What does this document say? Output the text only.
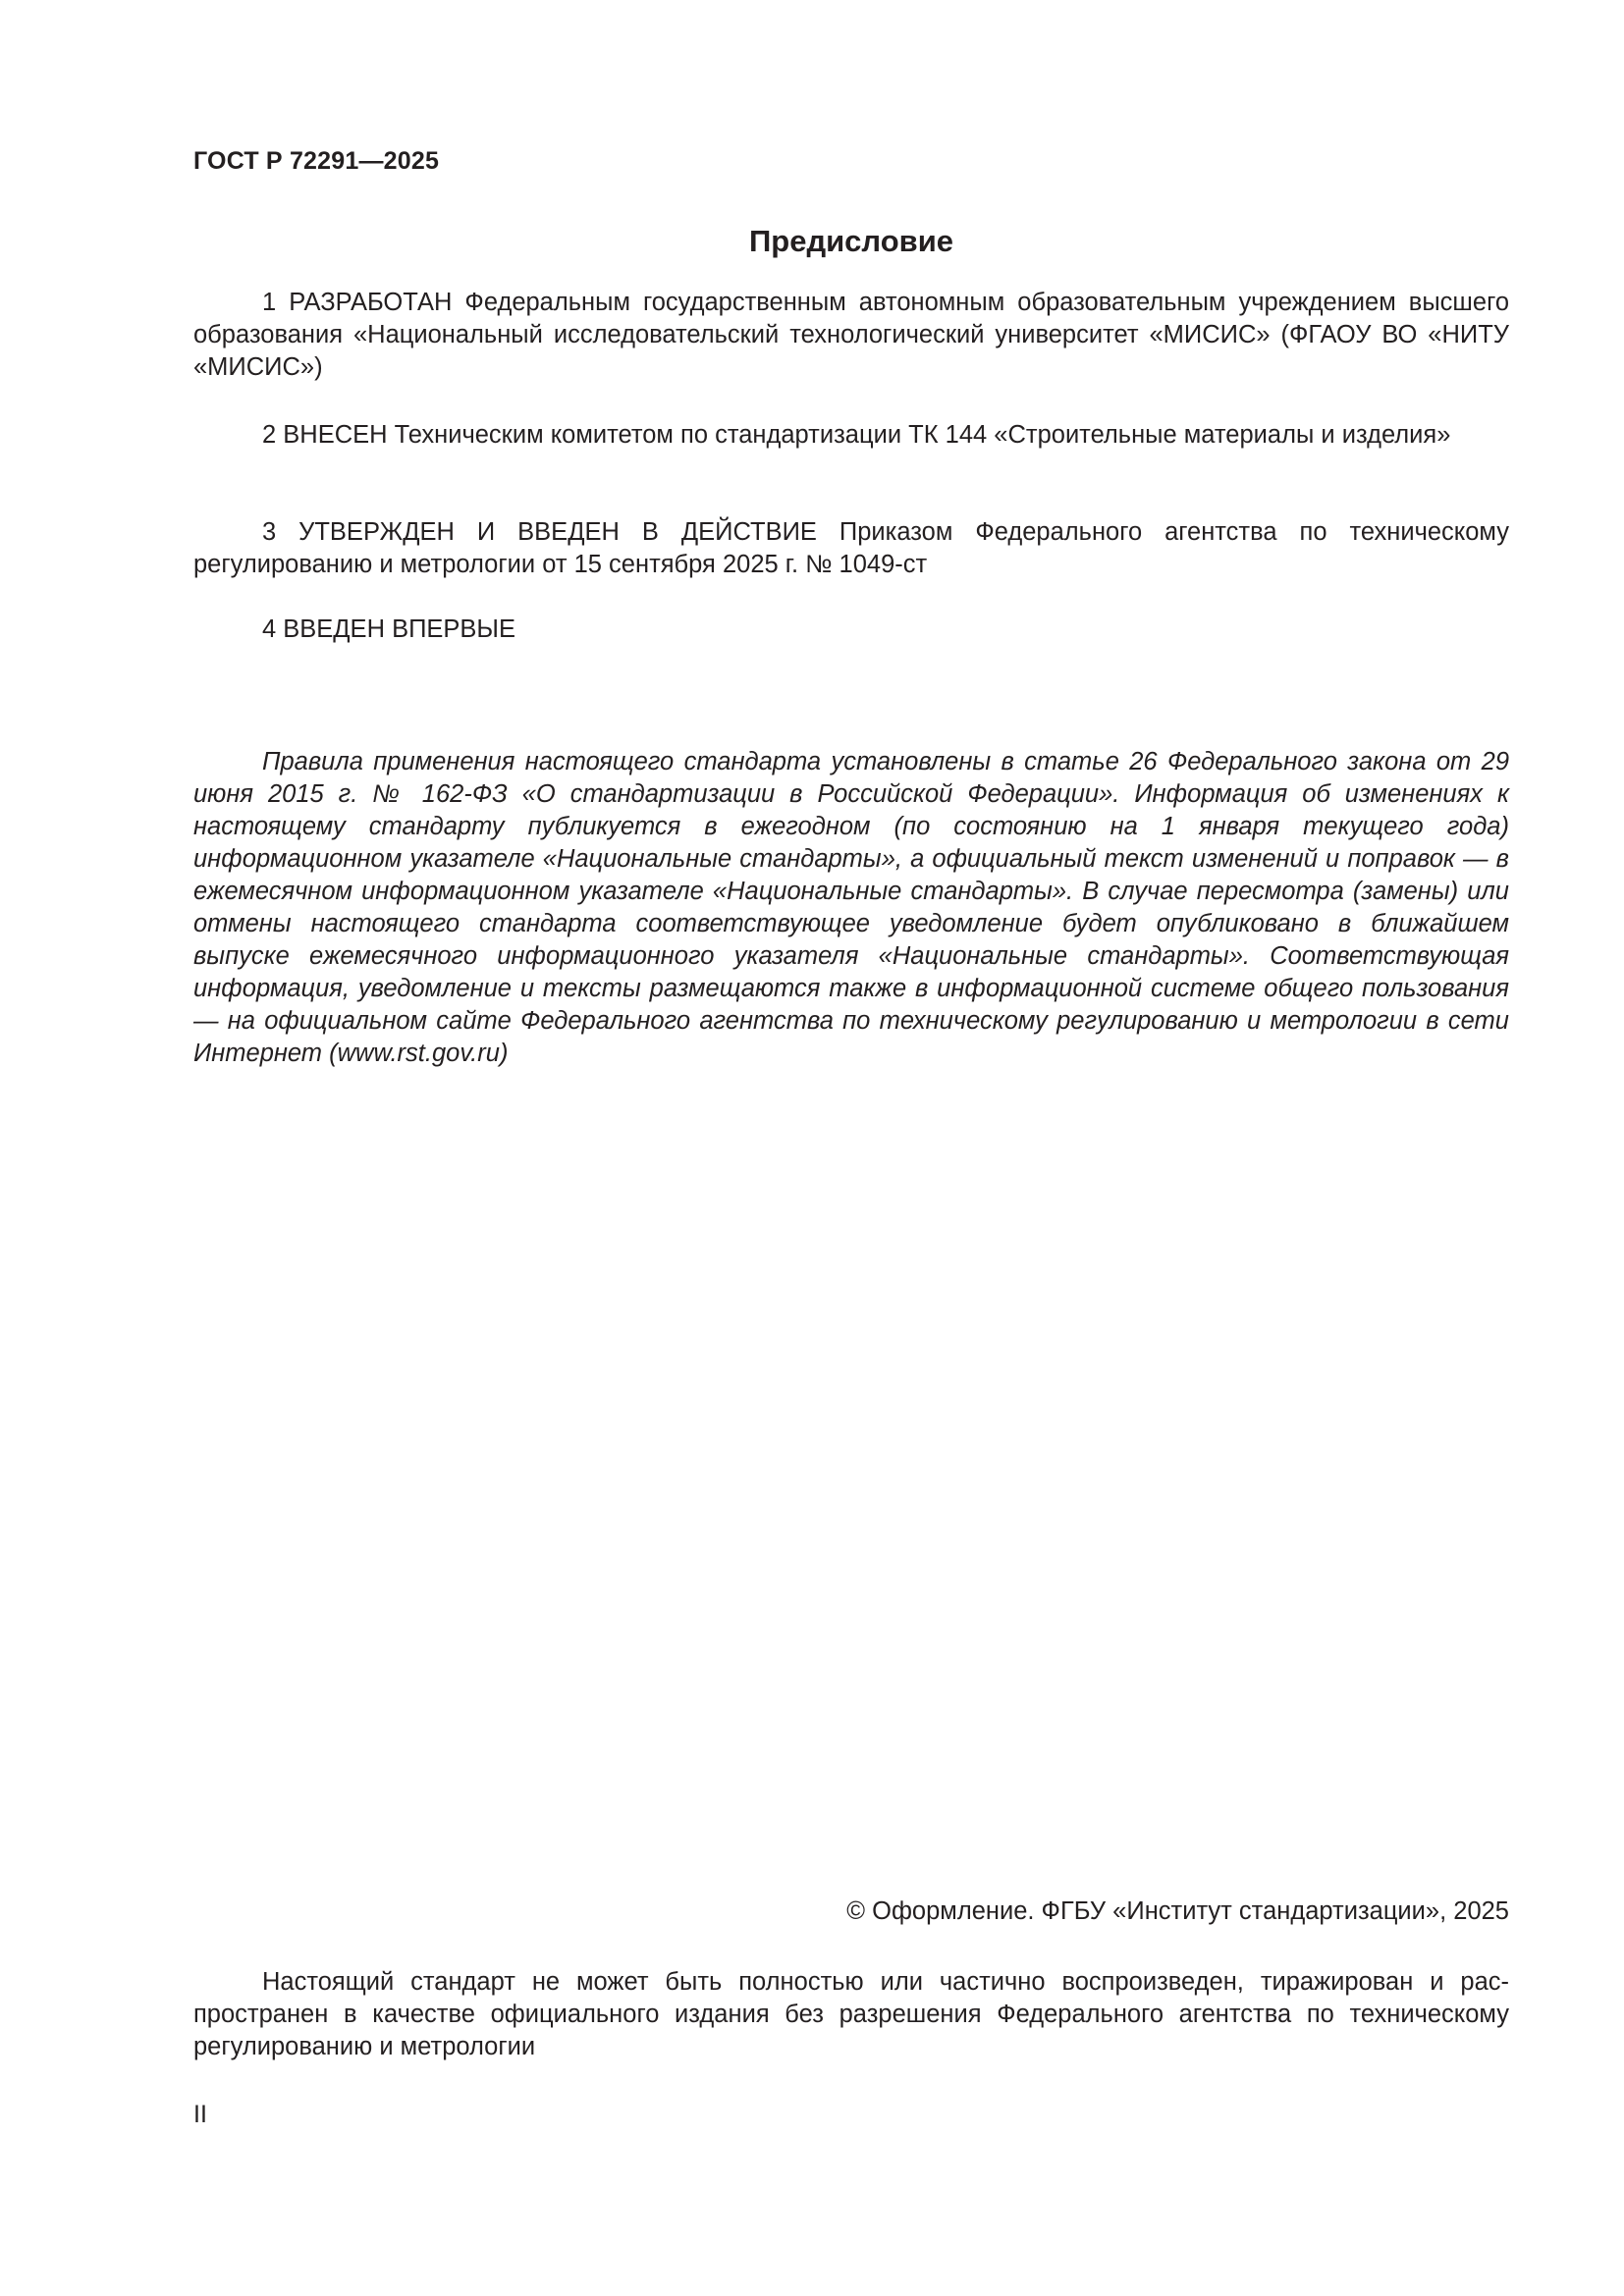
ГОСТ Р 72291—2025
Предисловие

1 РАЗРАБОТАН Федеральным государственным автономным образовательным учреждением высшего образования «Национальный исследовательский технологический университет «МИСИС» (ФГАОУ ВО «НИТУ «МИСИС»)

2 ВНЕСЕН Техническим комитетом по стандартизации ТК 144 «Строительные материалы и изделия»

3 УТВЕРЖДЕН И ВВЕДЕН В ДЕЙСТВИЕ Приказом Федерального агентства по техническому регулированию и метрологии от 15 сентября 2025 г. № 1049-ст

4 ВВЕДЕН ВПЕРВЫЕ

Правила применения настоящего стандарта установлены в статье 26 Федерального закона от 29 июня 2015 г. № 162-ФЗ «О стандартизации в Российской Федерации». Информация об изменениях к настоящему стандарту публикуется в ежегодном (по состоянию на 1 января текущего года) информационном указателе «Национальные стандарты», а официальный текст изменений и поправок — в ежемесячном информационном указателе «Национальные стандарты». В случае пересмотра (замены) или отмены настоящего стандарта соответствующее уведомление будет опубликовано в ближайшем выпуске ежемесячного информационного указателя «Национальные стандарты». Соответствующая информация, уведомление и тексты размещаются также в информационной системе общего пользования — на официальном сайте Федерального агентства по техническому регулированию и метрологии в сети Интернет (www.rst.gov.ru)

© Оформление. ФГБУ «Институт стандартизации», 2025

Настоящий стандарт не может быть полностью или частично воспроизведен, тиражирован и распространен в качестве официального издания без разрешения Федерального агентства по техническому регулированию и метрологии

II
